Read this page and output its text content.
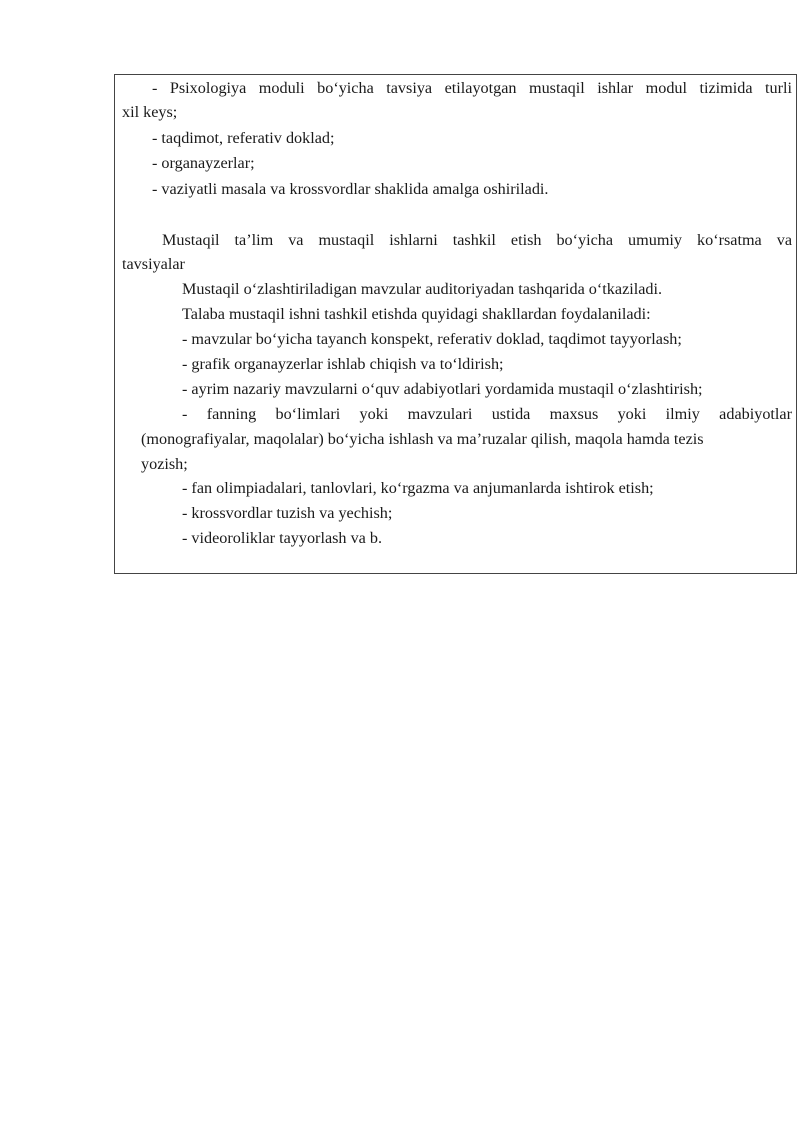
- Psixologiya moduli bo‘yicha tavsiya etilayotgan mustaqil ishlar modul tizimida turli
xil keys;
- taqdimot, referativ doklad;
- organayzerlar;
- vaziyatli masala va krossvordlar shaklida amalga oshiriladi.
Mustaqil ta’lim va mustaqil ishlarni tashkil etish bo‘yicha umumiy ko‘rsatma va
tavsiyalar
Mustaqil o‘zlashtiriladigan mavzular auditoriyadan tashqarida o‘tkaziladi.
Talaba mustaqil ishni tashkil etishda quyidagi shakllardan foydalaniladi:
- mavzular bo‘yicha tayanch konspekt, referativ doklad, taqdimot tayyorlash;
- grafik organayzerlar ishlab chiqish va to‘ldirish;
- ayrim nazariy mavzularni o‘quv adabiyotlari yordamida mustaqil o‘zlashtirish;
- fanning bo‘limlari yoki mavzulari ustida maxsus yoki ilmiy adabiyotlar
(monografiyalar, maqolalar) bo‘yicha ishlash va ma’ruzalar qilish, maqola hamda tezis
yozish;
- fan olimpiadalari, tanlovlari, ko‘rgazma va anjumanlarda ishtirok etish;
- krossvordlar tuzish va yechish;
- videoroliklar tayyorlash va b.
